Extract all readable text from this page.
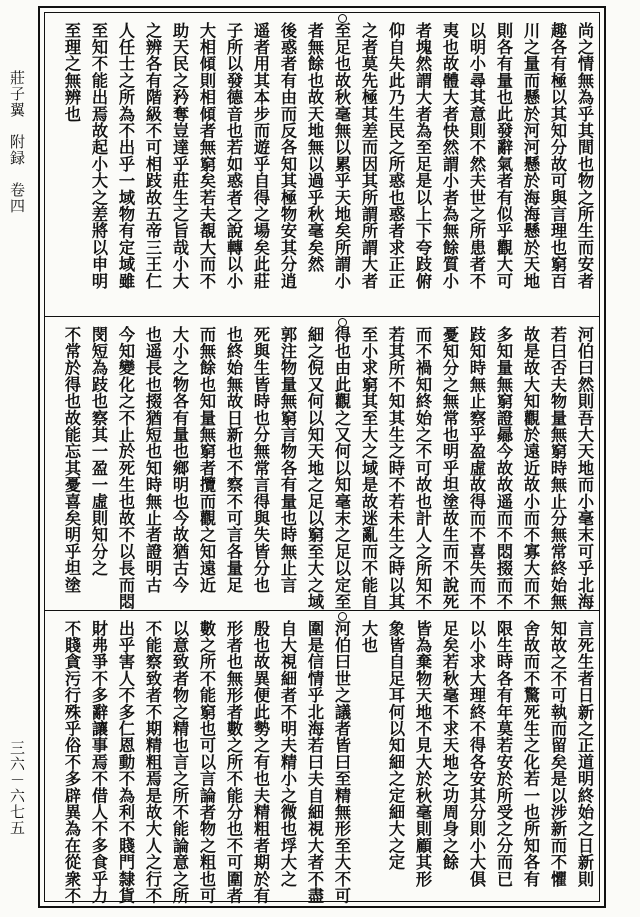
莊子翼　附録　卷四
三六－六七五
尚之情無為乎其間也物之所生而安者
趣各有極以其知分故可與言理也窮百
川之量而懸於河河懸於海海懸於天地
則各有量也此發辭氣者有似乎觀大可
以明小尋其意則不然夫世之所患者不
夷也故體大者快然謂小者為無餘質小
者塊然謂大者為至足是以上下夸跂俯
仰自失此乃生民之所惑也惑者求正正
之者莫先極其差而因其所謂所謂大者
至足也故秋毫無以累乎天地矣所謂小
者無餘也故天地無以過乎秋毫矣然
後惑者有由而反各知其極物安其分逍
遥者用其本步而遊乎自得之場矣此莊
子所以發德音也若如惑者之說轉以小
大相傾則相傾者無窮矣若夫覩大而不
助天民之矜奪豈達乎莊生之旨哉小大
之辨各有階級不可相跂故五帝三王仁
人任士之所為不出乎一域物有定域雖
至知不能出焉故起小大之差將以申明
至理之無辨也
河伯曰然則吾大天地而小毫末可乎北海
若曰否夫物量無窮時無止分無常終始無
故是故大知觀於遠近故小而不寡大而不
多知量無窮證曏今故故遥而不悶掇而不
跂知時無止察乎盈虛故得而不喜失而不
憂知分之無常也明乎坦塗故生而不說死
而不禍知終始之不可故也計人之所知不
若其所不知其生之時不若未生之時以其
至小求窮其至大之域是故迷亂而不能自
得也由此觀之又何以知毫末之足以定至
細之倪又何以知天地之足以窮至大之域
郭注物量無窮言物各有量也時無止言
死與生皆時也分無常言得與失皆分也
也終始無故日新也不察不可言各量足
而無餘也知量無窮者攬而觀之知遠近
大小之物各有量也鄉明也今故猶古今
也遥長也掇猶短也知時無止者證明古
今知變化之不止於死生也故不以長而悶
閔短為跂也察其一盈一虛則知分之
不常於得也故能忘其憂喜矣明乎坦塗
言死生者日新之正道明終始之日新則
知故之不可執而留矣是以涉新而不懼
舍故而不驚死生之化若一也所知各有
限生時各有年莫若安於所受之分而已
以小求大理終不得各安其分則小大俱
足矣若秋毫不求天地之功周身之餘
皆為棄物天地不見大於秋毫則顧其形
象皆自足耳何以知細之定細大之定
大也
河伯曰世之議者皆曰至精無形至大不可
圍是信情乎北海若曰夫自細視大者不盡
自大視細者不明夫精小之微也垺大之
殷也故異便此勢之有也夫精粗者期於有
形者也無形者數之所不能分也不可圍者
數之所不能窮也可以言論者物之粗也可
以意致者物之精也言之所不能論意之所
不能察致者不期精粗焉是故大人之行不
出乎害人不多仁恩動不為利不賤門隸貨
財弗爭不多辭讓事焉不借人不多食乎力
不賤貪污行殊乎俗不多辟異為在從衆不
